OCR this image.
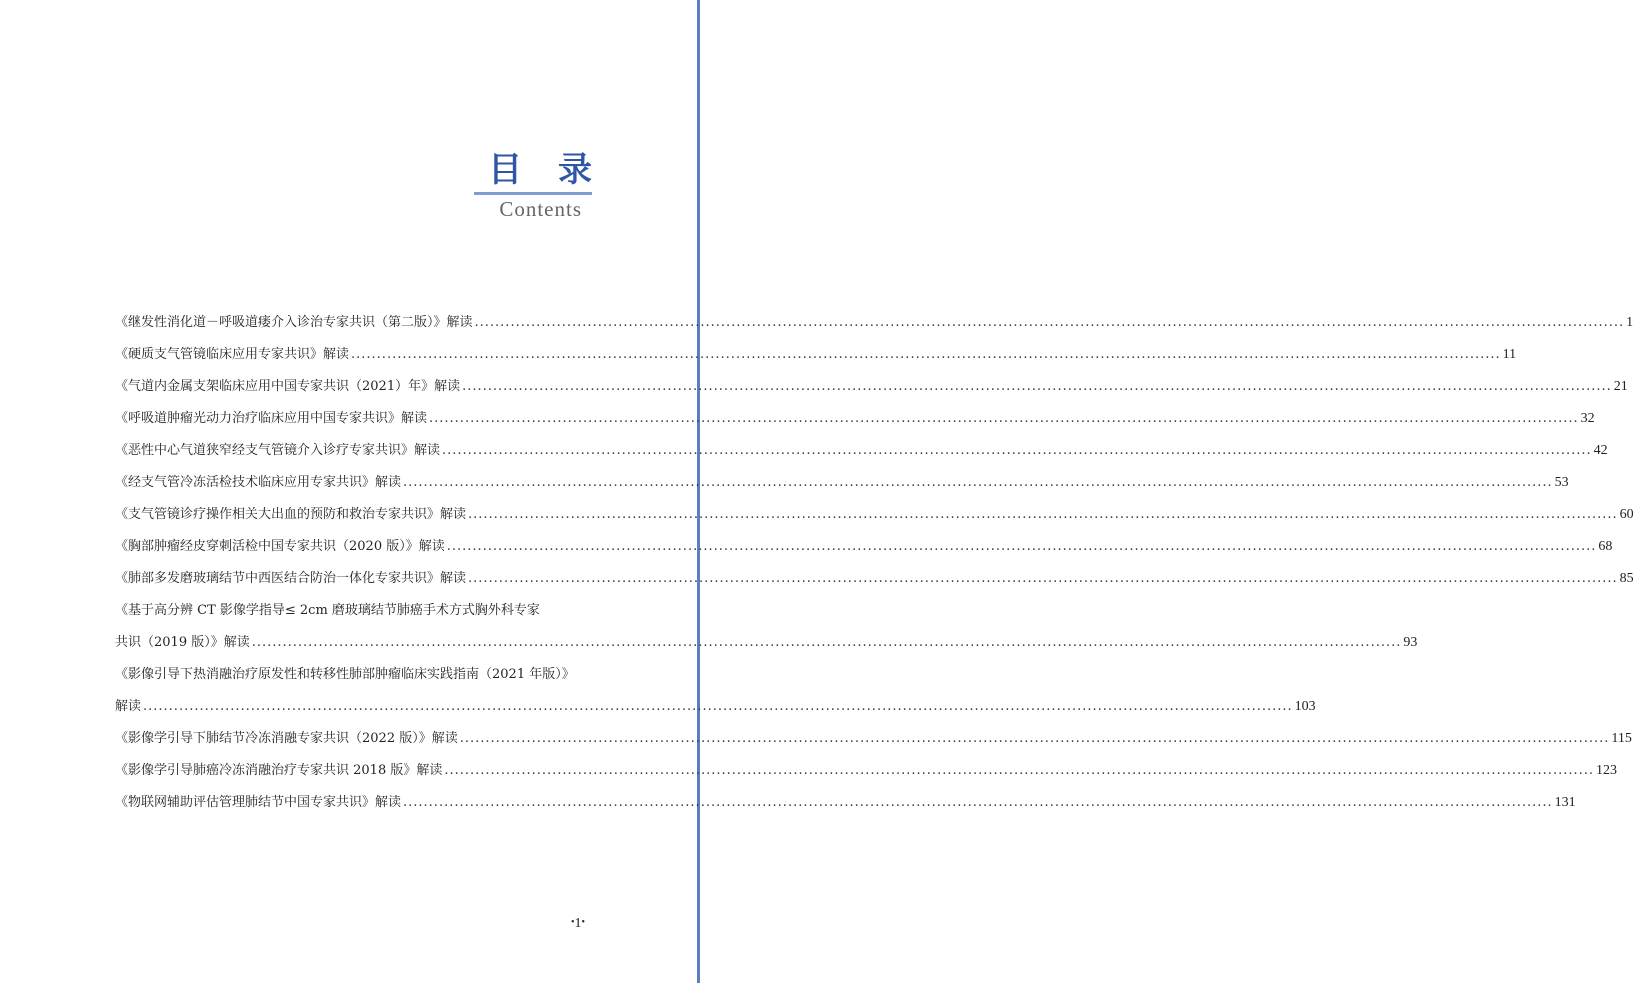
目 录
Contents
《继发性消化道－呼吸道瘘介入诊治专家共识（第二版）》解读 .....	1
《硬质支气管镜临床应用专家共识》解读 .....	11
《气道内金属支架临床应用中国专家共识（2021）年》解读 .....	21
《呼吸道肿瘤光动力治疗临床应用中国专家共识》解读 .....	32
《恶性中心气道狭窄经支气管镜介入诊疗专家共识》解读 .....	42
《经支气管冷冻活检技术临床应用专家共识》解读 .....	53
《支气管镜诊疗操作相关大出血的预防和救治专家共识》解读 .....	60
《胸部肿瘤经皮穿刺活检中国专家共识（2020 版）》解读 .....	68
《肺部多发磨玻璃结节中西医结合防治一体化专家共识》解读 .....	85
《基于高分辨 CT 影像学指导≤ 2cm 磨玻璃结节肺癌手术方式胸外科专家
共识（2019 版）》解读 .....	93
《影像引导下热消融治疗原发性和转移性肺部肿瘤临床实践指南（2021 年版）》
解读 .....	103
《影像学引导下肺结节冷冻消融专家共识（2022 版）》解读 .....	115
《影像学引导肺癌冷冻消融治疗专家共识 2018 版》解读 .....	123
《物联网辅助评估管理肺结节中国专家共识》解读 .....	131
•1•
